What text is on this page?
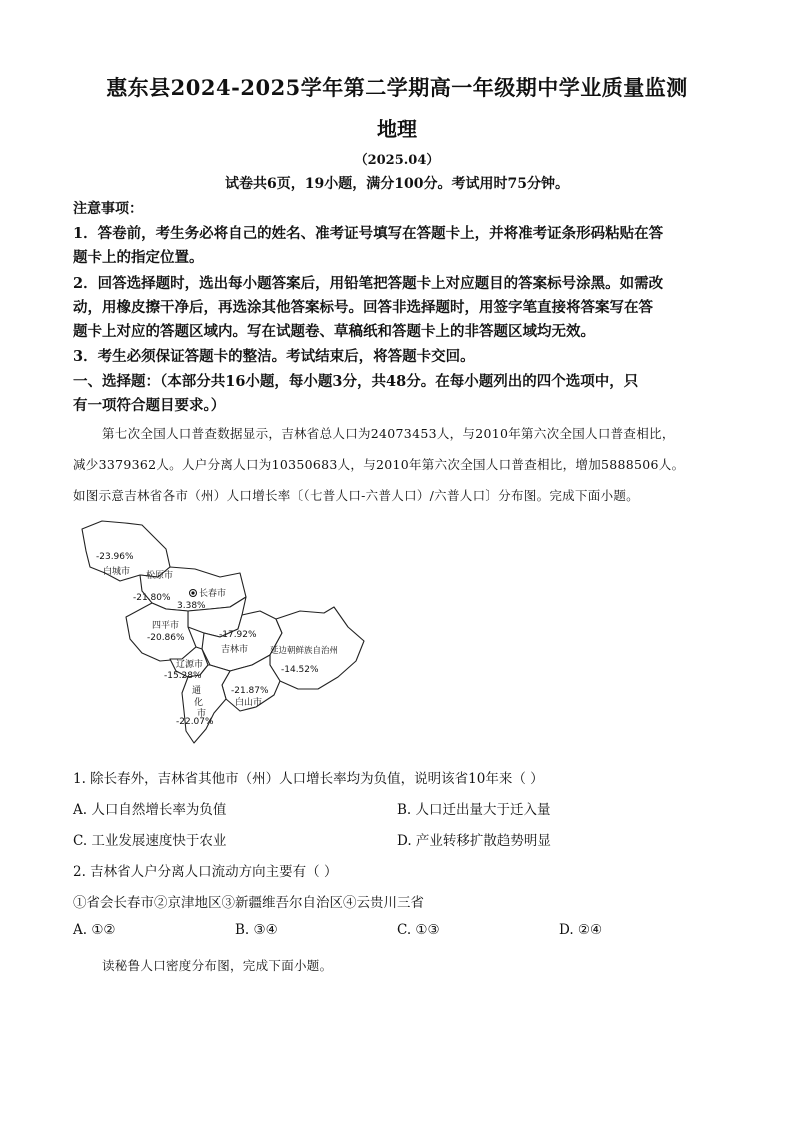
惠东县2024-2025学年第二学期高一年级期中学业质量监测
地理
（2025.04）
试卷共6页，19小题，满分100分。考试用时75分钟。
注意事项：
1．答卷前，考生务必将自己的姓名、准考证号填写在答题卡上，并将准考证条形码粘贴在答
题卡上的指定位置。
2．回答选择题时，选出每小题答案后，用铅笔把答题卡上对应题目的答案标号涂黑。如需改
动，用橡皮擦干净后，再选涂其他答案标号。回答非选择题时，用签字笔直接将答案写在答
题卡上对应的答题区域内。写在试题卷、草稿纸和答题卡上的非答题区域均无效。
3．考生必须保证答题卡的整洁。考试结束后，将答题卡交回。
一、选择题：（本部分共16小题，每小题3分，共48分。在每小题列出的四个选项中，只
有一项符合题目要求。）
第七次全国人口普查数据显示，吉林省总人口为24073453人，与2010年第六次全国人口普查相比，
减少3379362人。人户分离人口为10350683人，与2010年第六次全国人口普查相比，增加5888506人。
如图示意吉林省各市（州）人口增长率〔（七普人口-六普人口）/六普人口〕分布图。完成下面小题。
-23.96%
白城市 松原市
-21.80%	长春市
3.38%
四平市
-20.86%	-17.92%
吉林市	延边朝鲜族自治州
-14.52%
辽源市
-15.28%
-21.87%
白山市
通
化
市
-22.07%
1. 除长春外，吉林省其他市（州）人口增长率均为负值，说明该省10年来（ ）
A. 人口自然增长率为负值	B. 人口迁出量大于迁入量
C. 工业发展速度快于农业	D. 产业转移扩散趋势明显
2. 吉林省人户分离人口流动方向主要有（ ）
①省会长春市②京津地区③新疆维吾尔自治区④云贵川三省
A. ①②	B. ③④	C. ①③	D. ②④
读秘鲁人口密度分布图，完成下面小题。
